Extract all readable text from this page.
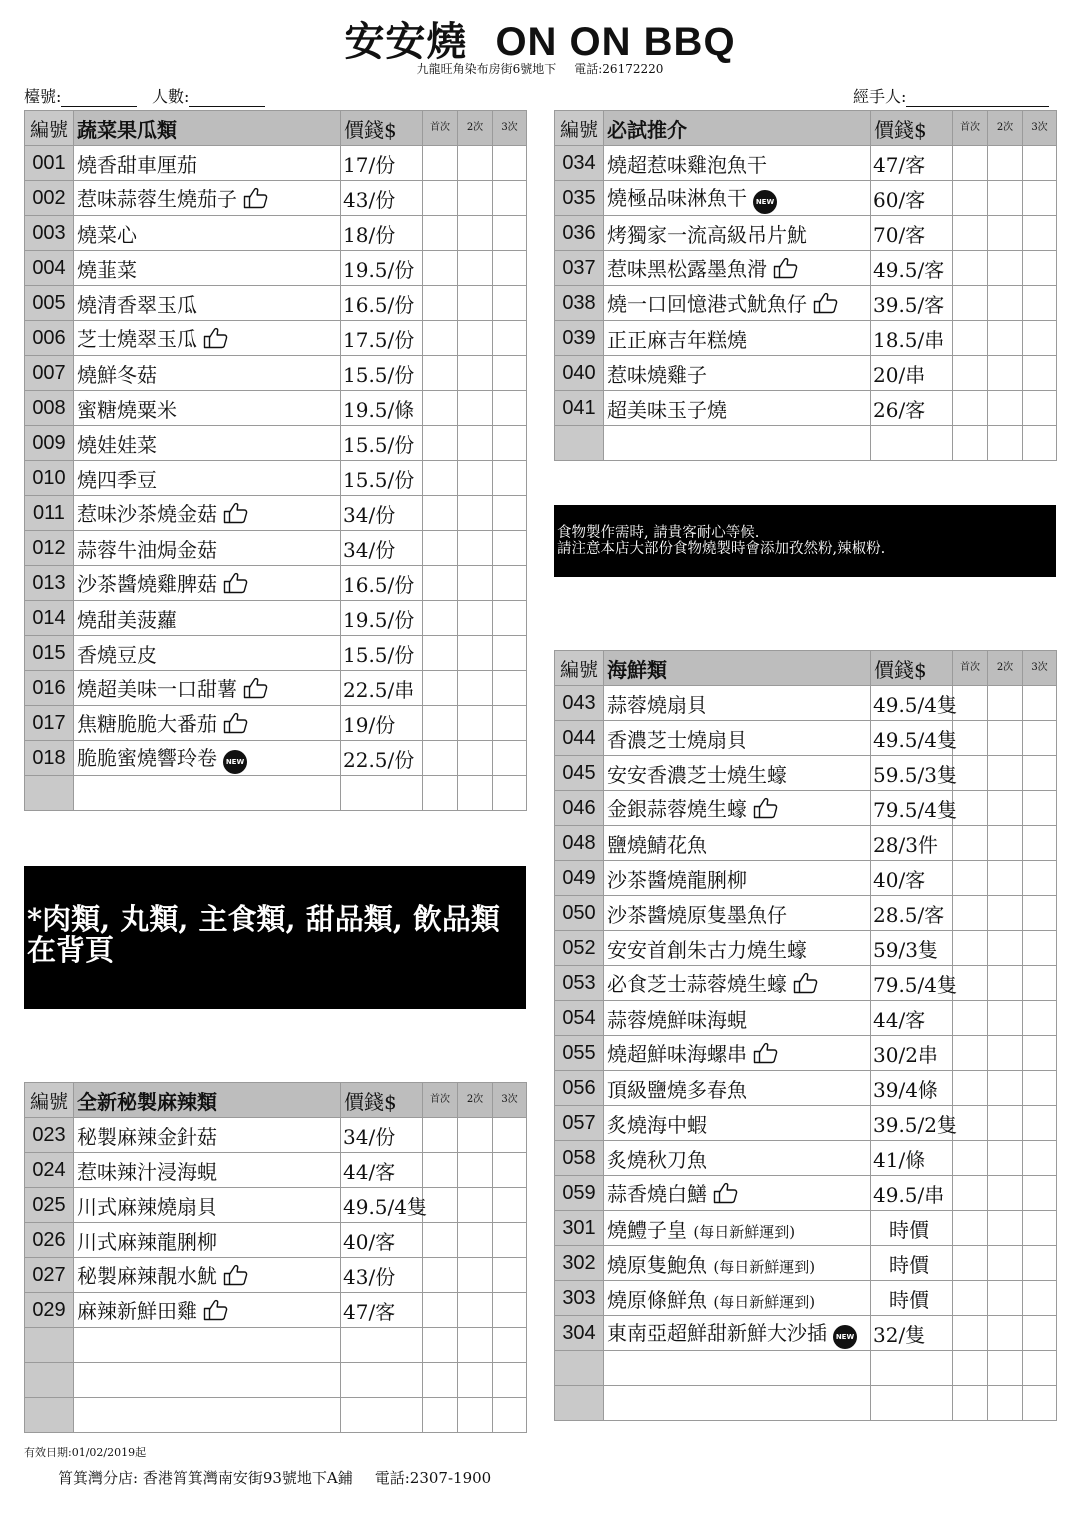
安安燒 ON ON BBQ
九龍旺角染布房街6號地下 電話:26172220
檯號:	人數:	經手人:
編號	蔬菜果瓜類	價錢$	首次	2次	3次
001	燒香甜車厘茄	17/份			
002	惹味蒜蓉生燒茄子	43/份			
003	燒菜心	18/份			
004	燒韮菜	19.5/份			
005	燒清香翠玉瓜	16.5/份			
006	芝士燒翠玉瓜	17.5/份			
007	燒鮮冬菇	15.5/份			
008	蜜糖燒粟米	19.5/條			
009	燒娃娃菜	15.5/份			
010	燒四季豆	15.5/份			
011	惹味沙茶燒金菇	34/份			
012	蒜蓉牛油焗金菇	34/份			
013	沙茶醬燒雞脾菇	16.5/份			
014	燒甜美菠蘿	19.5/份			
015	香燒豆皮	15.5/份			
016	燒超美味一口甜薯	22.5/串			
017	焦糖脆脆大番茄	19/份			
018	脆脆蜜燒響玲卷 NEW	22.5/份			

編號	必試推介	價錢$	首次	2次	3次
034	燒超惹味雞泡魚干	47/客			
035	燒極品味淋魚干 NEW	60/客			
036	烤獨家一流高級吊片魷	70/客			
037	惹味黑松露墨魚滑	49.5/客			
038	燒一口回憶港式魷魚仔	39.5/客			
039	正正麻吉年糕燒	18.5/串			
040	惹味燒雞子	20/串			
041	超美味玉子燒	26/客			

編號	全新秘製麻辣類	價錢$	首次	2次	3次
023	秘製麻辣金針菇	34/份			
024	惹味辣汁浸海蜆	44/客			
025	川式麻辣燒扇貝	49.5/4隻			
026	川式麻辣龍脷柳	40/客			
027	秘製麻辣靚水魷	43/份			
029	麻辣新鮮田雞	47/客			

編號	海鮮類	價錢$	首次	2次	3次
043	蒜蓉燒扇貝	49.5/4隻			
044	香濃芝士燒扇貝	49.5/4隻			
045	安安香濃芝士燒生蠔	59.5/3隻			
046	金銀蒜蓉燒生蠔	79.5/4隻			
048	鹽燒鯖花魚	28/3件			
049	沙茶醬燒龍脷柳	40/客			
050	沙茶醬燒原隻墨魚仔	28.5/客			
052	安安首創朱古力燒生蠔	59/3隻			
053	必食芝士蒜蓉燒生蠔	79.5/4隻			
054	蒜蓉燒鮮味海蜆	44/客			
055	燒超鮮味海螺串	30/2串			
056	頂級鹽燒多春魚	39/4條			
057	炙燒海中蝦	39.5/2隻			
058	炙燒秋刀魚	41/條			
059	蒜香燒白鱔	49.5/串			
301	燒鱧子皇 (每日新鮮運到)	時價			
302	燒原隻鮑魚 (每日新鮮運到)	時價			
303	燒原條鮮魚 (每日新鮮運到)	時價			
304	東南亞超鮮甜新鮮大沙插 NEW	32/隻			

*肉類, 丸類, 主食類, 甜品類, 飲品類
在背頁
食物製作需時, 請貴客耐心等候.
請注意本店大部份食物燒製時會添加孜然粉,辣椒粉.
有效日期:01/02/2019起
筲箕灣分店: 香港筲箕灣南安街93號地下A鋪 電話:2307-1900
